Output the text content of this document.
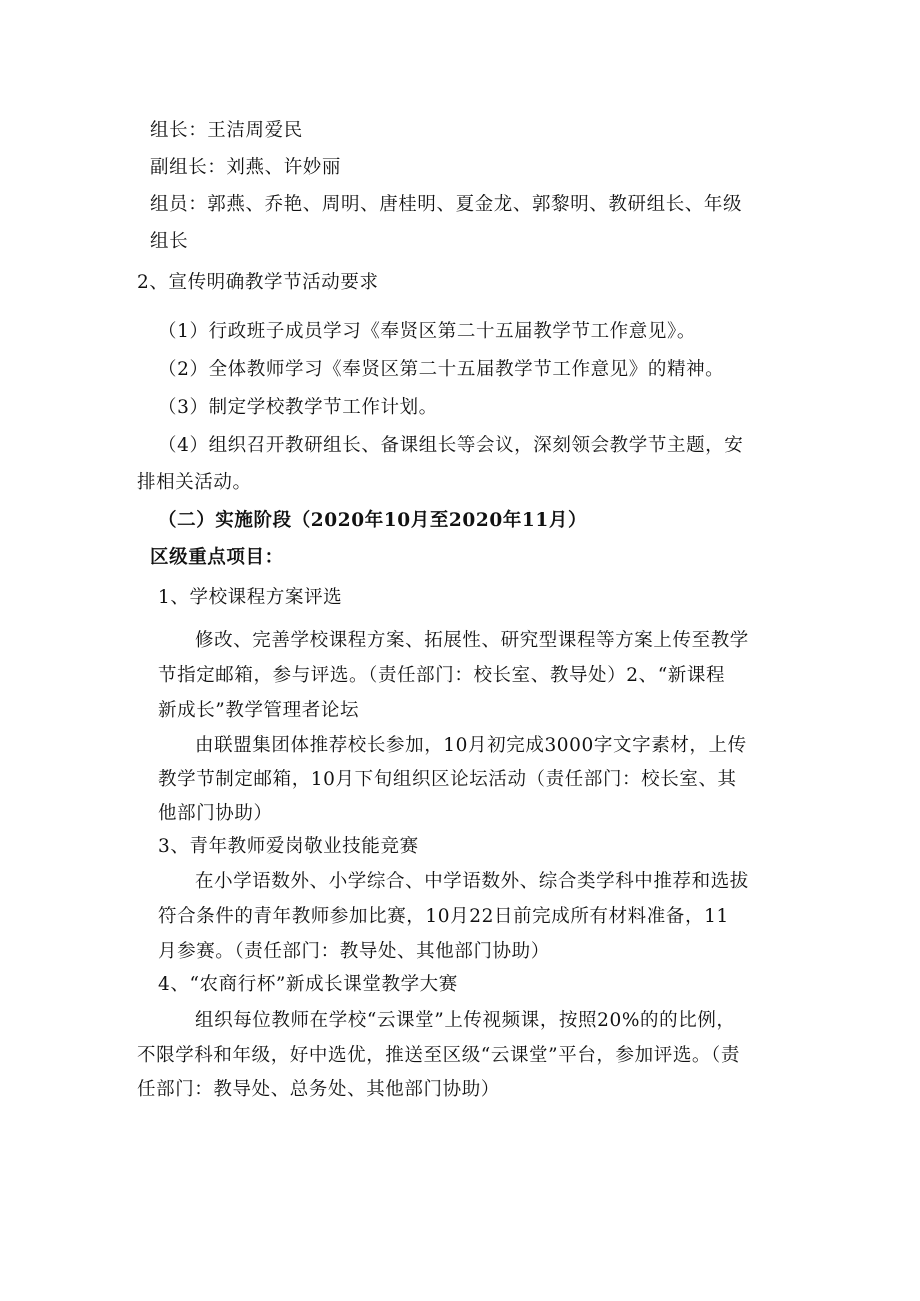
组长：王洁周爱民
副组长：刘燕、许妙丽
组员：郭燕、乔艳、周明、唐桂明、夏金龙、郭黎明、教研组长、年级
组长
2、宣传明确教学节活动要求
（1）行政班子成员学习《奉贤区第二十五届教学节工作意见》。
（2）全体教师学习《奉贤区第二十五届教学节工作意见》的精神。
（3）制定学校教学节工作计划。
（4）组织召开教研组长、备课组长等会议，深刻领会教学节主题，安
排相关活动。
（二）实施阶段（2020年10月至2020年11月）
区级重点项目：
1、学校课程方案评选
修改、完善学校课程方案、拓展性、研究型课程等方案上传至教学
节指定邮箱，参与评选。（责任部门：校长室、教导处）2、“新课程
新成长”教学管理者论坛
由联盟集团体推荐校长参加，10月初完成3000字文字素材，上传
教学节制定邮箱，10月下旬组织区论坛活动（责任部门：校长室、其
他部门协助）
3、青年教师爱岗敬业技能竞赛
在小学语数外、小学综合、中学语数外、综合类学科中推荐和选拔
符合条件的青年教师参加比赛，10月22日前完成所有材料准备，11
月参赛。（责任部门：教导处、其他部门协助）
4、“农商行杯”新成长课堂教学大赛
组织每位教师在学校“云课堂”上传视频课，按照20%的的比例，
不限学科和年级，好中选优，推送至区级“云课堂”平台，参加评选。（责
任部门：教导处、总务处、其他部门协助）
